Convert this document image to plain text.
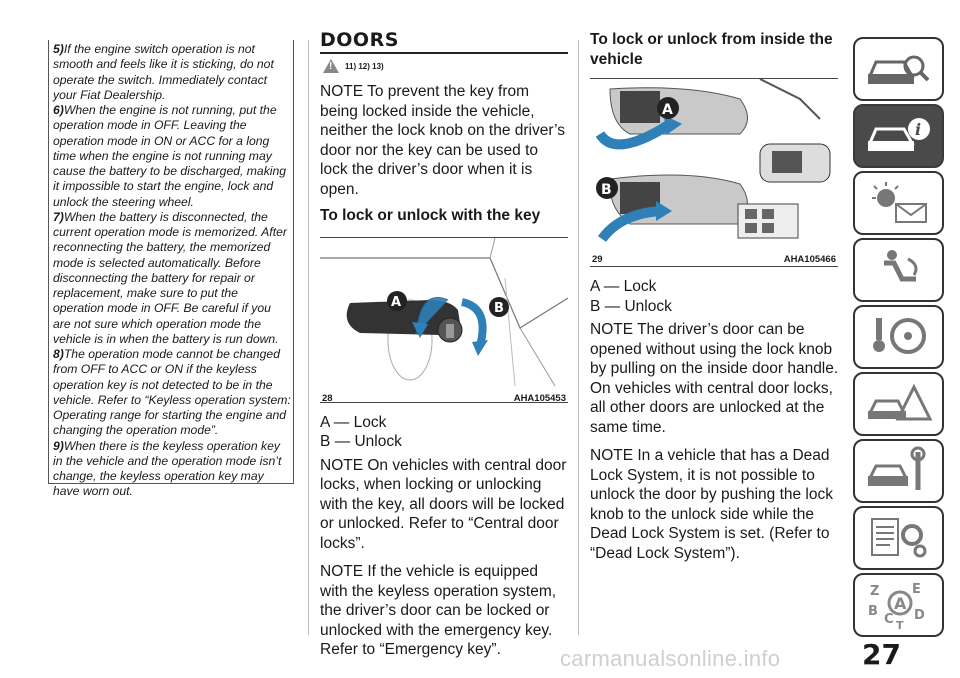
5)If the engine switch operation is not smooth and feels like it is sticking, do not operate the switch. Immediately contact your Fiat Dealership.

6)When the engine is not running, put the operation mode in OFF. Leaving the operation mode in ON or ACC for a long time when the engine is not running may cause the battery to be discharged, making it impossible to start the engine, lock and unlock the steering wheel.

7)When the battery is disconnected, the current operation mode is memorized. After reconnecting the battery, the memorized mode is selected automatically. Before disconnecting the battery for repair or replacement, make sure to put the operation mode in OFF. Be careful if you are not sure which operation mode the vehicle is in when the battery is run down.

8)The operation mode cannot be changed from OFF to ACC or ON if the keyless operation key is not detected to be in the vehicle. Refer to “Keyless operation system: Operating range for starting the engine and changing the operation mode”.

9)When there is the keyless operation key in the vehicle and the operation mode isn’t change, the keyless operation key may have worn out.

DOORS
!
11) 12) 13)

NOTE To prevent the key from being locked inside the vehicle, neither the lock knob on the driver’s door nor the key can be used to lock the driver’s door when it is open.

To lock or unlock with the key

A	B
28	AHA105453

A — Lock

B — Unlock

NOTE On vehicles with central door locks, when locking or unlocking with the key, all doors will be locked or unlocked. Refer to “Central door locks”.

NOTE If the vehicle is equipped with the keyless operation system, the driver’s door can be locked or unlocked with the emergency key. Refer to “Emergency key”.

To lock or unlock from inside the vehicle

A
B
29	AHA105466

A — Lock

B — Unlock

NOTE The driver’s door can be opened without using the lock knob by pulling on the inside door handle. On vehicles with central door locks, all other doors are unlocked at the same time.

NOTE In a vehicle that has a Dead Lock System, it is not possible to unlock the door by pushing the lock knob to the unlock side while the Dead Lock System is set. (Refer to “Dead Lock System”).

i
Z	E
A
B
C D
T
27
carmanualsonline.info
